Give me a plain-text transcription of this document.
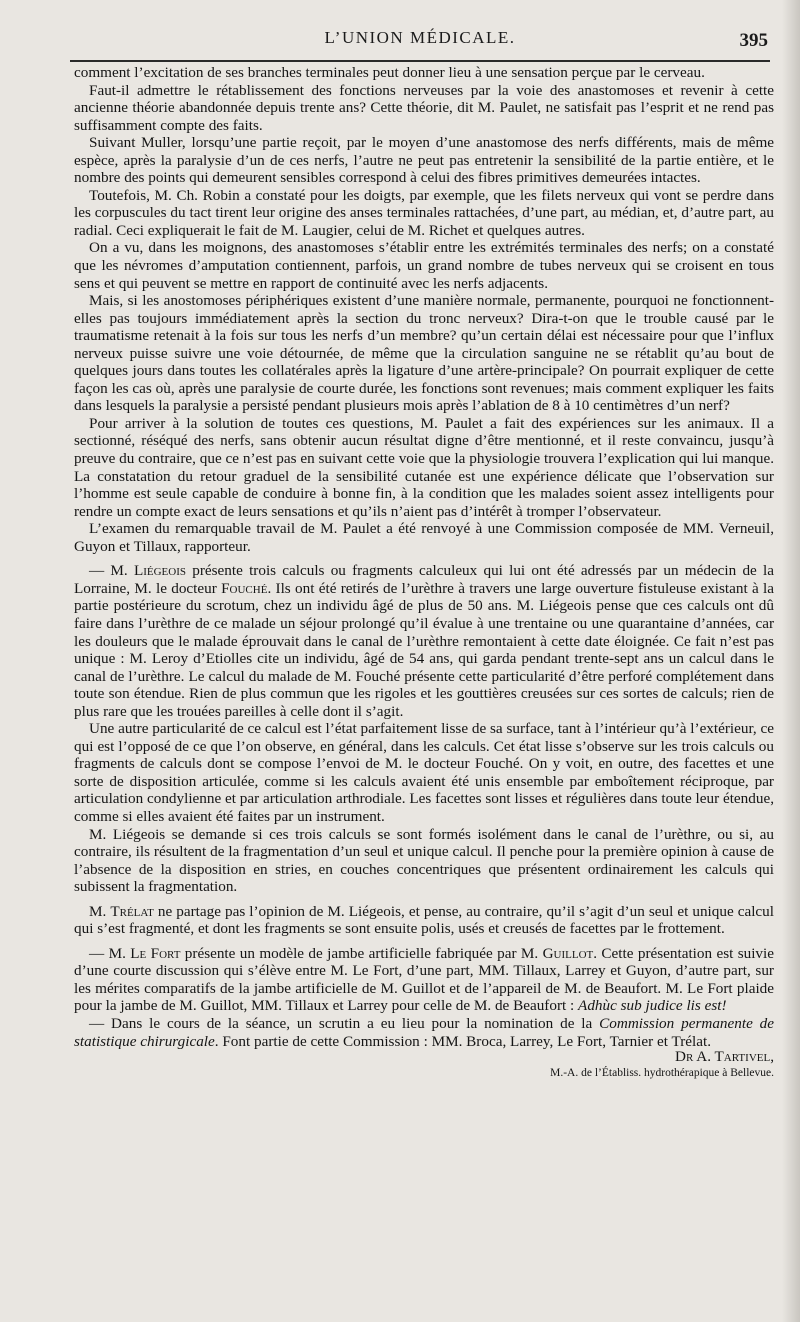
L’UNION MÉDICALE.	395

comment l’excitation de ses branches terminales peut donner lieu à une sensation perçue par le cerveau.

Faut-il admettre le rétablissement des fonctions nerveuses par la voie des anastomoses et revenir à cette ancienne théorie abandonnée depuis trente ans? Cette théorie, dit M. Paulet, ne satisfait pas l’esprit et ne rend pas suffisamment compte des faits.

Suivant Muller, lorsqu’une partie reçoit, par le moyen d’une anastomose des nerfs différents, mais de même espèce, après la paralysie d’un de ces nerfs, l’autre ne peut pas entretenir la sensibilité de la partie entière, et le nombre des points qui demeurent sensibles correspond à celui des fibres primitives demeurées intactes.

Toutefois, M. Ch. Robin a constaté pour les doigts, par exemple, que les filets nerveux qui vont se perdre dans les corpuscules du tact tirent leur origine des anses terminales rattachées, d’une part, au médian, et, d’autre part, au radial. Ceci expliquerait le fait de M. Laugier, celui de M. Richet et quelques autres.

On a vu, dans les moignons, des anastomoses s’établir entre les extrémités terminales des nerfs; on a constaté que les névromes d’amputation contiennent, parfois, un grand nombre de tubes nerveux qui se croisent en tous sens et qui peuvent se mettre en rapport de continuité avec les nerfs adjacents.

Mais, si les anostomoses périphériques existent d’une manière normale, permanente, pourquoi ne fonctionnent-elles pas toujours immédiatement après la section du tronc nerveux? Dira-t-on que le trouble causé par le traumatisme retenait à la fois sur tous les nerfs d’un membre? qu’un certain délai est nécessaire pour que l’influx nerveux puisse suivre une voie détournée, de même que la circulation sanguine ne se rétablit qu’au bout de quelques jours dans toutes les collatérales après la ligature d’une artère-principale? On pourrait expliquer de cette façon les cas où, après une paralysie de courte durée, les fonctions sont revenues; mais comment expliquer les faits dans lesquels la paralysie a persisté pendant plusieurs mois après l’ablation de 8 à 10 centimètres d’un nerf?

Pour arriver à la solution de toutes ces questions, M. Paulet a fait des expériences sur les animaux. Il a sectionné, réséqué des nerfs, sans obtenir aucun résultat digne d’être mentionné, et il reste convaincu, jusqu’à preuve du contraire, que ce n’est pas en suivant cette voie que la physiologie trouvera l’explication qui lui manque. La constatation du retour graduel de la sensibilité cutanée est une expérience délicate que l’observation sur l’homme est seule capable de conduire à bonne fin, à la condition que les malades soient assez intelligents pour rendre un compte exact de leurs sensations et qu’ils n’aient pas d’intérêt à tromper l’observateur.

L’examen du remarquable travail de M. Paulet a été renvoyé à une Commission composée de MM. Verneuil, Guyon et Tillaux, rapporteur.

— M. Liégeois présente trois calculs ou fragments calculeux qui lui ont été adressés par un médecin de la Lorraine, M. le docteur Fouché. Ils ont été retirés de l’urèthre à travers une large ouverture fistuleuse existant à la partie postérieure du scrotum, chez un individu âgé de plus de 50 ans. M. Liégeois pense que ces calculs ont dû faire dans l’urèthre de ce malade un séjour prolongé qu’il évalue à une trentaine ou une quarantaine d’années, car les douleurs que le malade éprouvait dans le canal de l’urèthre remontaient à cette date éloignée. Ce fait n’est pas unique : M. Leroy d’Etiolles cite un individu, âgé de 54 ans, qui garda pendant trente-sept ans un calcul dans le canal de l’urèthre. Le calcul du malade de M. Fouché présente cette particularité d’être perforé complétement dans toute son étendue. Rien de plus commun que les rigoles et les gouttières creusées sur ces sortes de calculs; rien de plus rare que les trouées pareilles à celle dont il s’agit.

Une autre particularité de ce calcul est l’état parfaitement lisse de sa surface, tant à l’intérieur qu’à l’extérieur, ce qui est l’opposé de ce que l’on observe, en général, dans les calculs. Cet état lisse s’observe sur les trois calculs ou fragments de calculs dont se compose l’envoi de M. le docteur Fouché. On y voit, en outre, des facettes et une sorte de disposition articulée, comme si les calculs avaient été unis ensemble par emboîtement réciproque, par articulation condylienne et par articulation arthrodiale. Les facettes sont lisses et régulières dans toute leur étendue, comme si elles avaient été faites par un instrument.

M. Liégeois se demande si ces trois calculs se sont formés isolément dans le canal de l’urèthre, ou si, au contraire, ils résultent de la fragmentation d’un seul et unique calcul. Il penche pour la première opinion à cause de l’absence de la disposition en stries, en couches concentriques que présentent ordinairement les calculs qui subissent la fragmentation.

M. Trélat ne partage pas l’opinion de M. Liégeois, et pense, au contraire, qu’il s’agit d’un seul et unique calcul qui s’est fragmenté, et dont les fragments se sont ensuite polis, usés et creusés de facettes par le frottement.

— M. Le Fort présente un modèle de jambe artificielle fabriquée par M. Guillot. Cette présentation est suivie d’une courte discussion qui s’élève entre M. Le Fort, d’une part, MM. Tillaux, Larrey et Guyon, d’autre part, sur les mérites comparatifs de la jambe artificielle de M. Guillot et de l’appareil de M. de Beaufort. M. Le Fort plaide pour la jambe de M. Guillot, MM. Tillaux et Larrey pour celle de M. de Beaufort : Adhùc sub judice lis est!

— Dans le cours de la séance, un scrutin a eu lieu pour la nomination de la Commission permanente de statistique chirurgicale. Font partie de cette Commission : MM. Broca, Larrey, Le Fort, Tarnier et Trélat.

Dr A. Tartivel,
M.-A. de l’Établiss. hydrothérapique à Bellevue.
